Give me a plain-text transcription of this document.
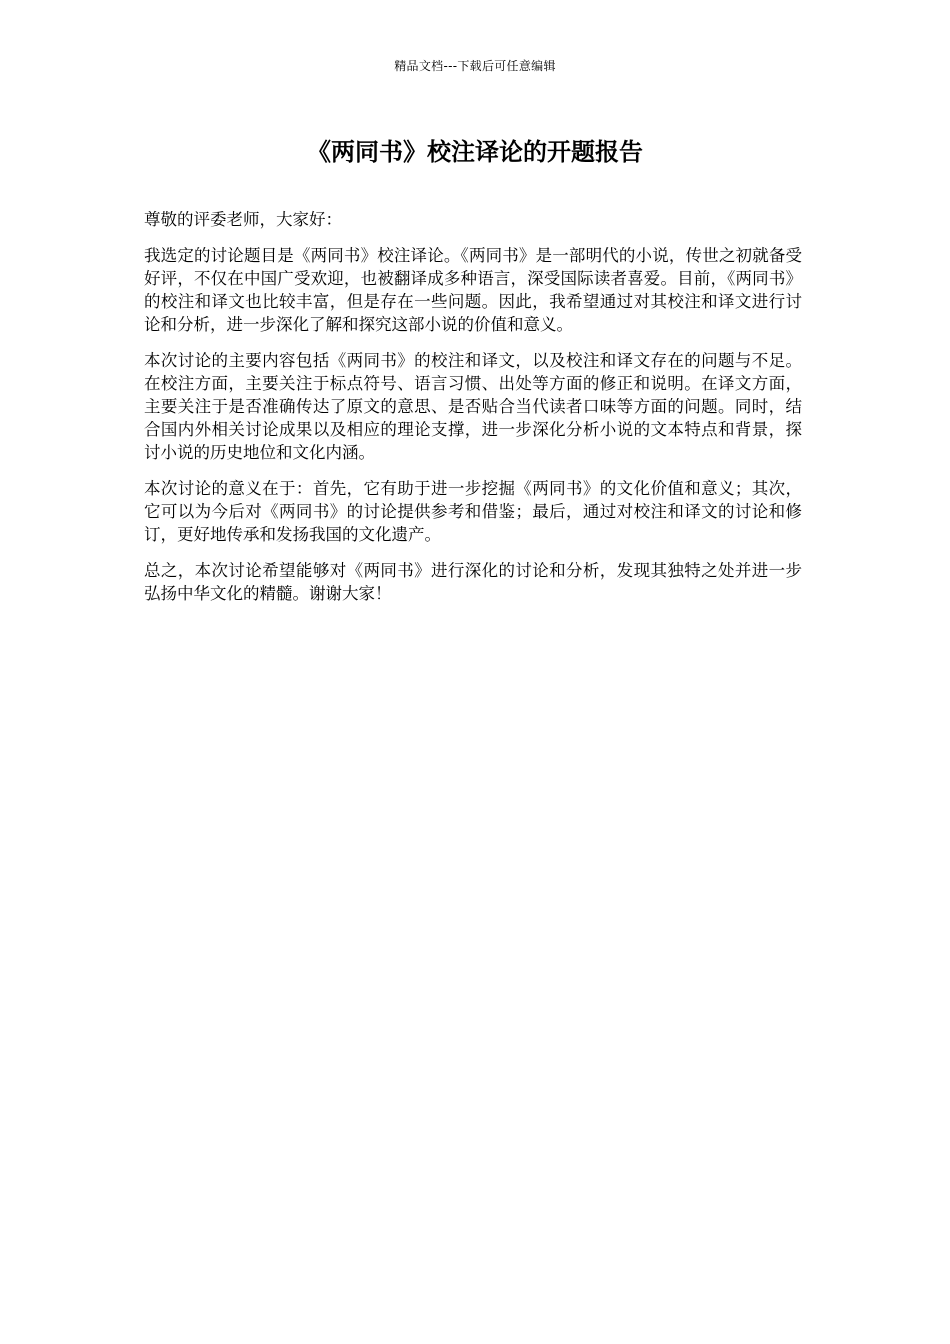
精品文档---下载后可任意编辑
《两同书》校注译论的开题报告

尊敬的评委老师，大家好：

我选定的讨论题目是《两同书》校注译论。《两同书》是一部明代的小说，传世之初就备受好评，不仅在中国广受欢迎，也被翻译成多种语言，深受国际读者喜爱。目前，《两同书》的校注和译文也比较丰富，但是存在一些问题。因此，我希望通过对其校注和译文进行讨论和分析，进一步深化了解和探究这部小说的价值和意义。

本次讨论的主要内容包括《两同书》的校注和译文，以及校注和译文存在的问题与不足。在校注方面，主要关注于标点符号、语言习惯、出处等方面的修正和说明。在译文方面，主要关注于是否准确传达了原文的意思、是否贴合当代读者口味等方面的问题。同时，结合国内外相关讨论成果以及相应的理论支撑，进一步深化分析小说的文本特点和背景，探讨小说的历史地位和文化内涵。

本次讨论的意义在于：首先，它有助于进一步挖掘《两同书》的文化价值和意义；其次，它可以为今后对《两同书》的讨论提供参考和借鉴；最后，通过对校注和译文的讨论和修订，更好地传承和发扬我国的文化遗产。

总之，本次讨论希望能够对《两同书》进行深化的讨论和分析，发现其独特之处并进一步弘扬中华文化的精髓。谢谢大家！
